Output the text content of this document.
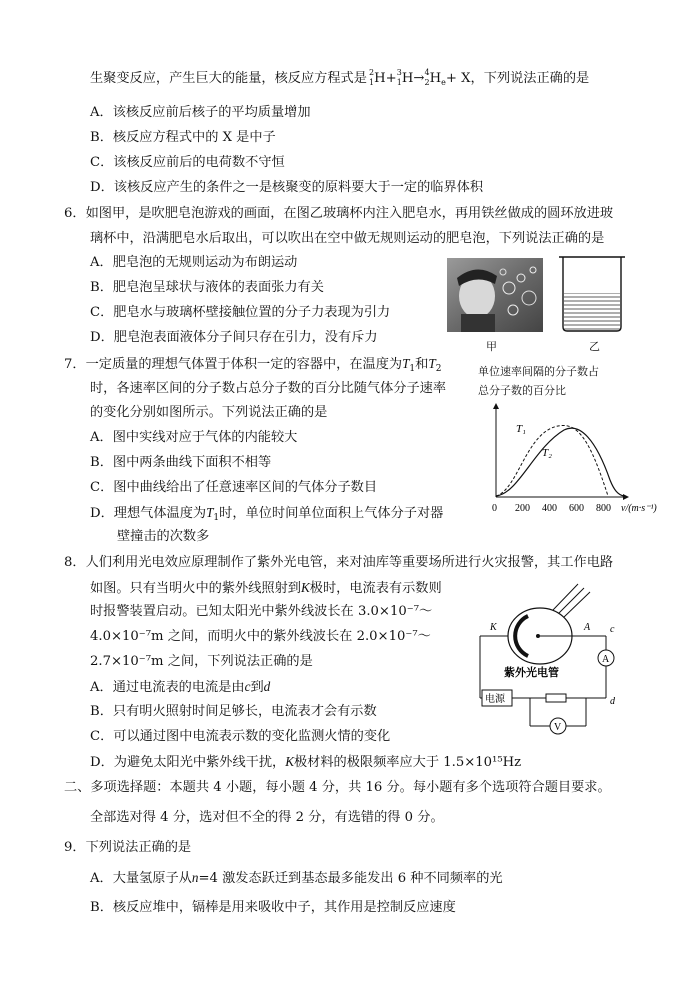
生聚变反应，产生巨大的能量，核反应方程式是 $^2_1H+^3_1H\to^4_2H_e+ X$，下列说法正确的是
A．该核反应前后核子的平均质量增加
B．核反应方程式中的 X 是中子
C．该核反应前后的电荷数不守恒
D．该核反应产生的条件之一是核聚变的原料要大于一定的临界体积
6．如图甲，是吹肥皂泡游戏的画面，在图乙玻璃杯内注入肥皂水，再用铁丝做成的圆环放进玻
璃杯中，沿满肥皂水后取出，可以吹出在空中做无规则运动的肥皂泡，下列说法正确的是
A．肥皂泡的无规则运动为布朗运动
B．肥皂泡呈球状与液体的表面张力有关
C．肥皂水与玻璃杯壁接触位置的分子力表现为引力
D．肥皂泡表面液体分子间只存在引力，没有斥力
甲	乙
7．一定质量的理想气体置于体积一定的容器中，在温度为$T_1$和$T_2$
时，各速率区间的分子数占总分子数的百分比随气体分子速率
的变化分别如图所示。下列说法正确的是
A．图中实线对应于气体的内能较大
B．图中两条曲线下面积不相等
C．图中曲线给出了任意速率区间的气体分子数目
D．理想气体温度为$T_1$时，单位时间单位面积上气体分子对器
壁撞击的次数多
单位速率间隔的分子数占
总分子数的百分比
T₁
T₂
0 200 400 600 800 v/(m·s⁻¹)
8．人们利用光电效应原理制作了紫外光电管，来对油库等重要场所进行火灾报警，其工作电路
如图。只有当明火中的紫外线照射到K极时，电流表有示数则
时报警装置启动。已知太阳光中紫外线波长在 3.0×10⁻⁷～
4.0×10⁻⁷m 之间，而明火中的紫外线波长在 2.0×10⁻⁷～
2.7×10⁻⁷m 之间，下列说法正确的是
A．通过电流表的电流是由c到d
B．只有明火照射时间足够长，电流表才会有示数
C．可以通过图中电流表示数的变化监测火情的变化
D．为避免太阳光中紫外线干扰，K极材料的极限频率应大于 1.5×10¹⁵Hz
A
电源
V
K	A c
d
紫外光电管
二、多项选择题：本题共 4 小题，每小题 4 分，共 16 分。每小题有多个选项符合题目要求。
全部选对得 4 分，选对但不全的得 2 分，有选错的得 0 分。
9．下列说法正确的是
A．大量氢原子从n=4 激发态跃迁到基态最多能发出 6 种不同频率的光
B．核反应堆中，镉棒是用来吸收中子，其作用是控制反应速度
